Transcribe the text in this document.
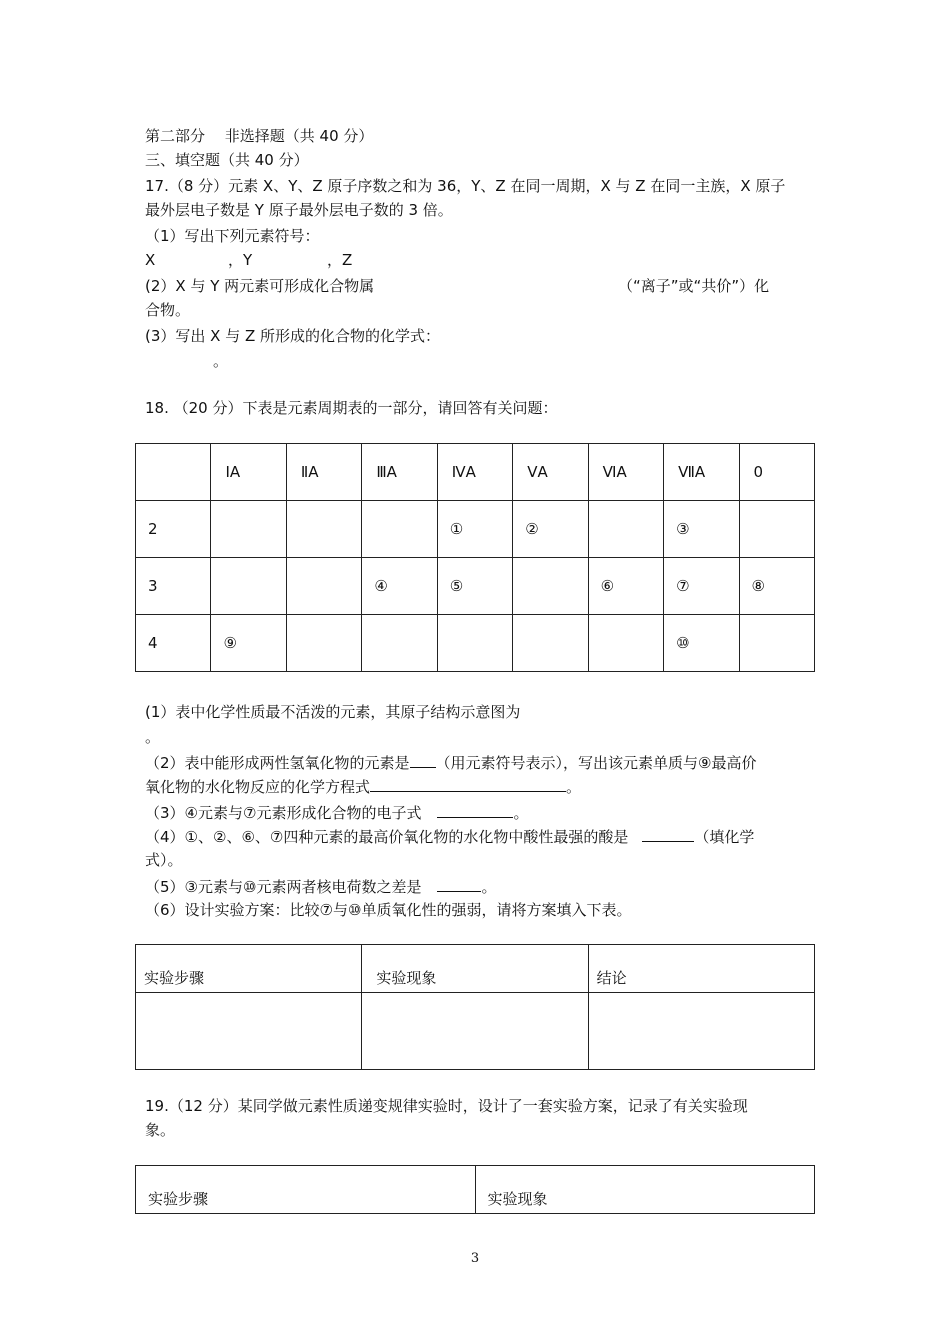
第二部分　 非选择题（共 40 分）
三、填空题（共 40 分）
17.（8 分）元素 X、Y、Z 原子序数之和为 36，Y、Z 在同一周期，X 与 Z 在同一主族，X 原子
最外层电子数是 Y 原子最外层电子数的 3 倍。
（1）写出下列元素符号：
X	，Y	，Z
(2）X 与 Y 两元素可形成化合物属	（“离子”或“共价”）化
合物。
(3）写出 X 与 Z 所形成的化合物的化学式：
。
18. （20 分）下表是元素周期表的一部分，请回答有关问题：
	ⅠA	ⅡA	ⅢA	ⅣA	ⅤA	ⅥA	ⅦA	0
2				①	②		③	
3			④	⑤		⑥	⑦	⑧
4	⑨						⑩	
(1）表中化学性质最不活泼的元素，其原子结构示意图为
。
（2）表中能形成两性氢氧化物的元素是 （用元素符号表示），写出该元素单质与⑨最高价
氧化物的水化物反应的化学方程式	。
（3）④元素与⑦元素形成化合物的电子式	。
（4）①、②、⑥、⑦四种元素的最高价氧化物的水化物中酸性最强的酸是	（填化学
式）。
（5）③元素与⑩元素两者核电荷数之差是	。
（6）设计实验方案：比较⑦与⑩单质氧化性的强弱，请将方案填入下表。
实验步骤	实验现象	结论

19.（12 分）某同学做元素性质递变规律实验时，设计了一套实验方案，记录了有关实验现
象。
实验步骤	实验现象
3
